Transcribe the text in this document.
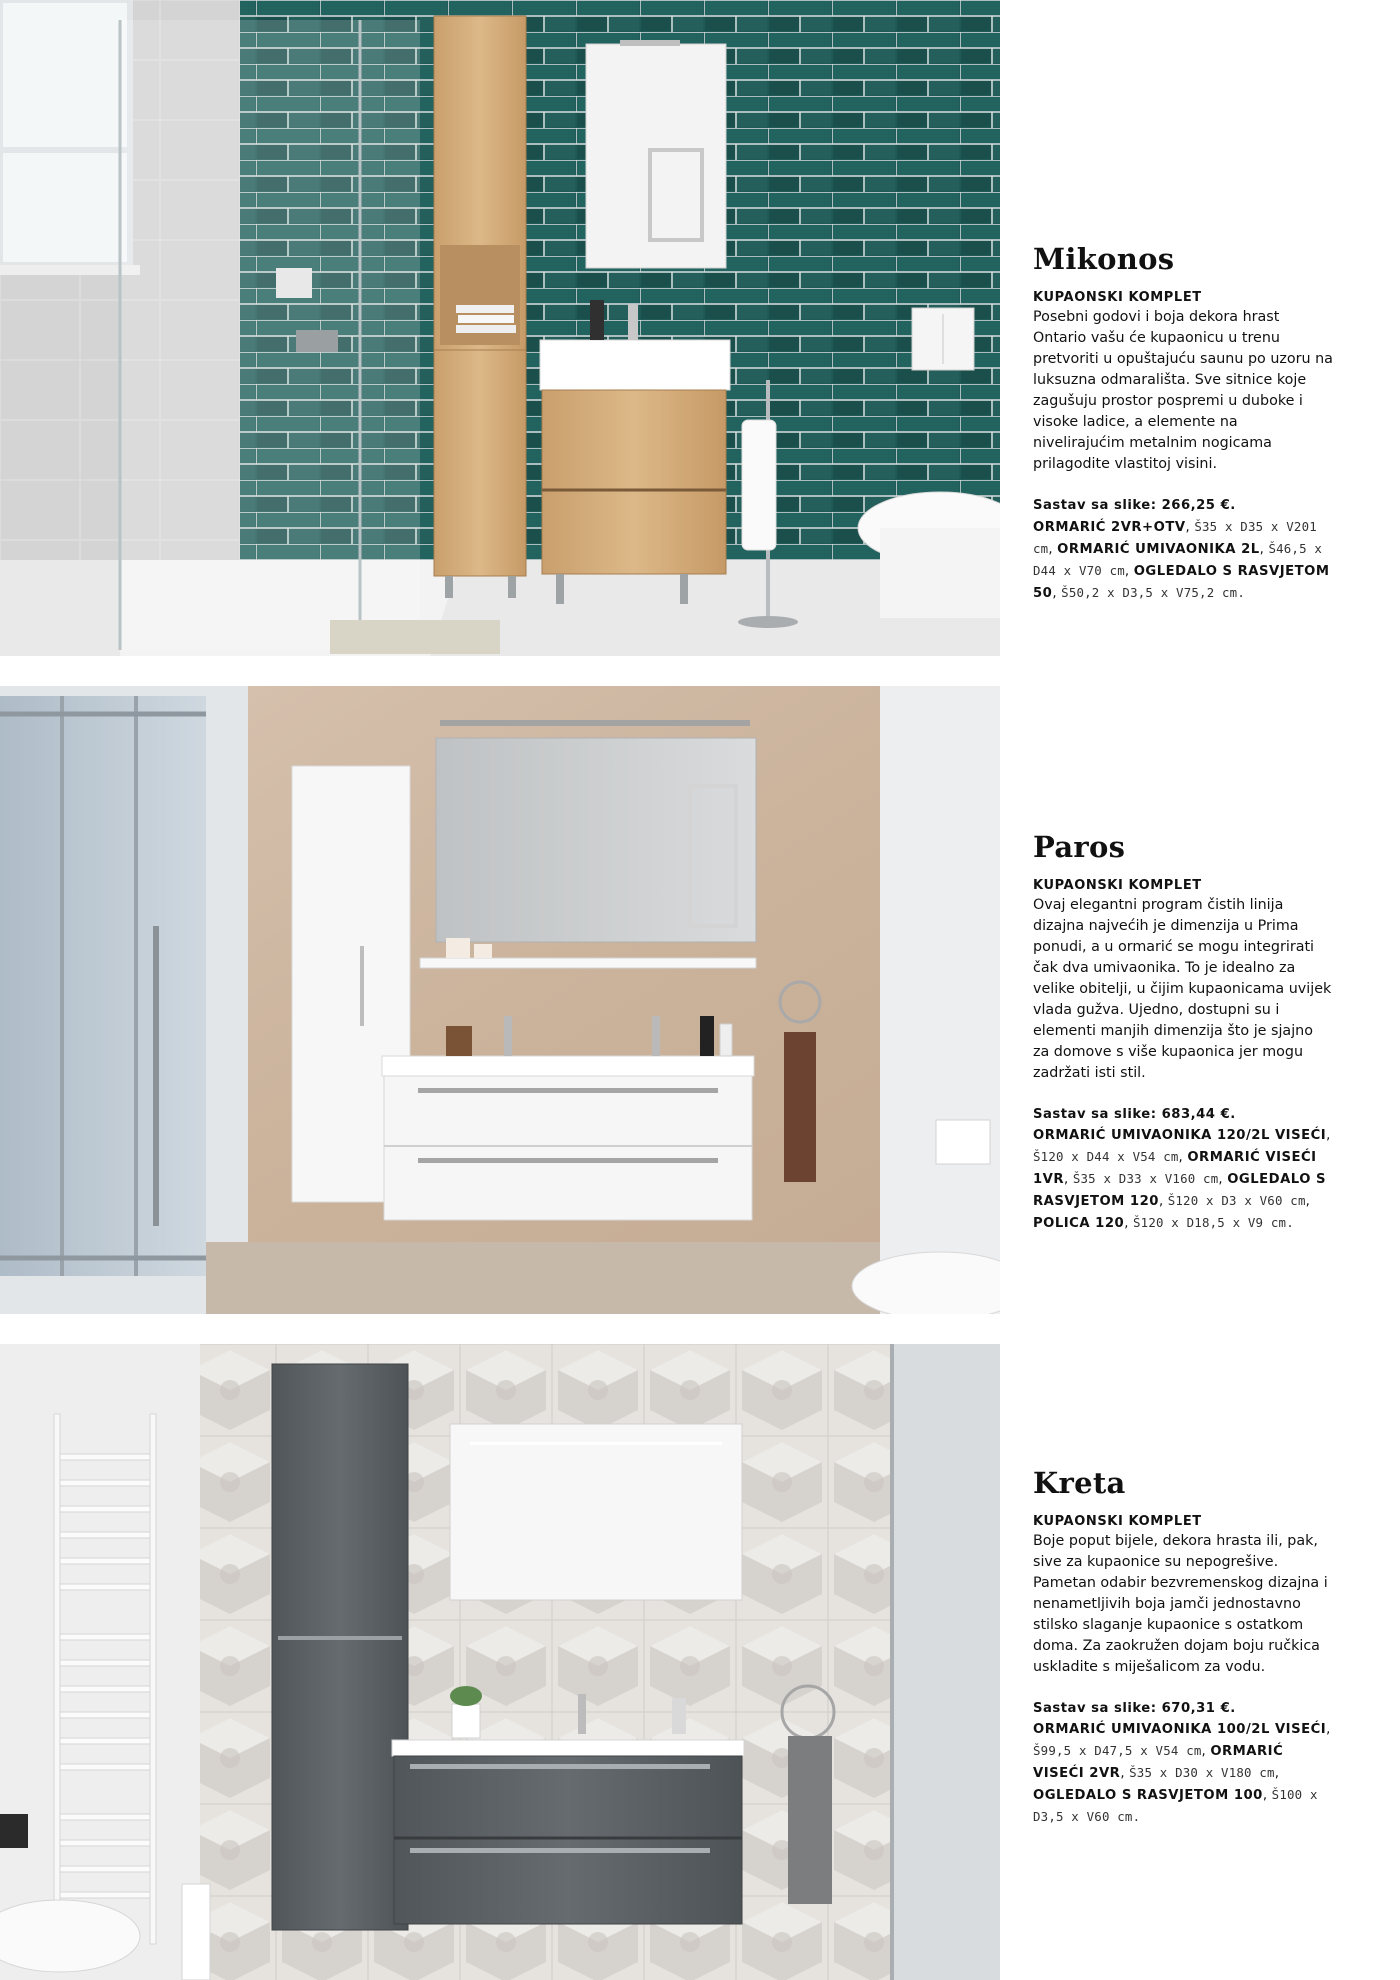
Mikonos
KUPAONSKI KOMPLET

Posebni godovi i boja dekora hrast Ontario vašu će kupaonicu u trenu pretvoriti u opuštajuću saunu po uzoru na luksuzna odmarališta. Sve sitnice koje zagušuju prostor pospremi u duboke i visoke ladice, a elemente na nivelirajućim metalnim nogicama prilagodite vlastitoj visini.

Sastav sa slike: 266,25 €.
ORMARIĆ 2VR+OTV, Š35 x D35 x V201 cm, ORMARIĆ UMIVAONIKA 2L, Š46,5 x D44 x V70 cm, OGLEDALO S RASVJETOM 50, Š50,2 x D3,5 x V75,2 cm.

Paros
KUPAONSKI KOMPLET

Ovaj elegantni program čistih linija dizajna najvećih je dimenzija u Prima ponudi, a u ormarić se mogu integrirati čak dva umivaonika. To je idealno za velike obitelji, u čijim kupaonicama uvijek vlada gužva. Ujedno, dostupni su i elementi manjih dimenzija što je sjajno za domove s više kupaonica jer mogu zadržati isti stil.

Sastav sa slike: 683,44 €.
ORMARIĆ UMIVAONIKA 120/2L VISEĆI, Š120 x D44 x V54 cm, ORMARIĆ VISEĆI 1VR, Š35 x D33 x V160 cm, OGLEDALO S RASVJETOM 120, Š120 x D3 x V60 cm, POLICA 120, Š120 x D18,5 x V9 cm.

Kreta
KUPAONSKI KOMPLET

Boje poput bijele, dekora hrasta ili, pak, sive za kupaonice su nepogrešive. Pametan odabir bezvremenskog dizajna i nenametljivih boja jamči jednostavno stilsko slaganje kupaonice s ostatkom doma. Za zaokružen dojam boju ručkica uskladite s miješalicom za vodu.

Sastav sa slike: 670,31 €.
ORMARIĆ UMIVAONIKA 100/2L VISEĆI, Š99,5 x D47,5 x V54 cm, ORMARIĆ VISEĆI 2VR, Š35 x D30 x V180 cm, OGLEDALO S RASVJETOM 100, Š100 x D3,5 x V60 cm.
